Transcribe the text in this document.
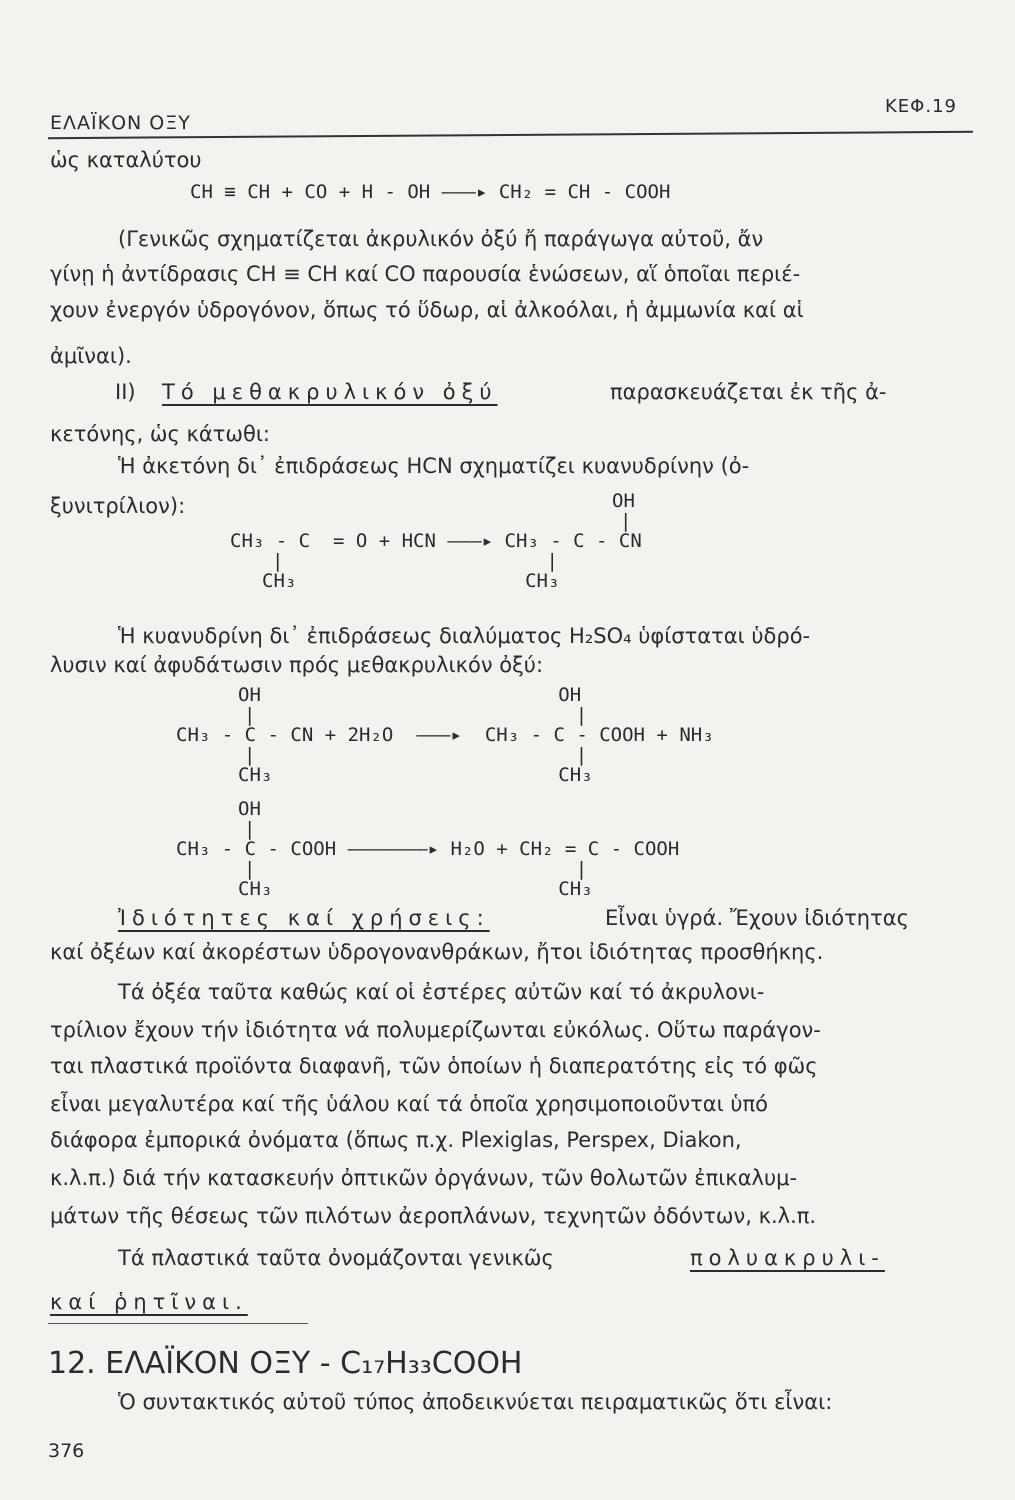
ΕΛΑΪΚΟΝ ΟΞΥ
ΚΕΦ.19
ὡς καταλύτου
CH ≡ CH + CO + H - OH ———▸ CH₂ = CH - COOH
(Γενικῶς σχηματίζεται ἀκρυλικόν ὀξύ ἤ παράγωγα αὐτοῦ, ἄν
γίνῃ ἡ ἀντίδρασις CH ≡ CH καί CO παρουσία ἑνώσεων, αἵ ὁποῖαι περιέ-
χουν ἐνεργόν ὑδρογόνον, ὅπως τό ὕδωρ, αἱ ἀλκοόλαι, ἡ ἀμμωνία καί αἱ
ἀμῖναι).
II) Τό μεθακρυλικόν ὀξύ	παρασκευάζεται ἐκ τῆς ἀ-
κετόνης, ὡς κάτωθι:
Ἡ ἀκετόνη δι᾿ ἐπιδράσεως HCN σχηματίζει κυανυδρίνην (ὀ-
ξυνιτρίλιον):	OH
|
CH₃ - C  = O + HCN ———▸ CH₃ - C - CN
|                       |
CH₃                    CH₃
Ἡ κυανυδρίνη δι᾿ ἐπιδράσεως διαλύματος H₂SO₄ ὑφίσταται ὑδρό-
λυσιν καί ἀφυδάτωσιν πρός μεθακρυλικόν ὀξύ:
OH                          OH
|                            |
CH₃ - C - CN + 2H₂O  ———▸  CH₃ - C - COOH + NH₃
|                            |
CH₃                         CH₃
OH
|
CH₃ - C - COOH ———————▸ H₂O + CH₂ = C - COOH
|                            |
CH₃                         CH₃
Ἰδιότητες καί χρήσεις:	Εἶναι ὑγρά. Ἔχουν ἰδιότητας
καί ὀξέων καί ἀκορέστων ὑδρογονανθράκων, ἤτοι ἰδιότητας προσθήκης.
Τά ὀξέα ταῦτα καθώς καί οἱ ἐστέρες αὐτῶν καί τό ἀκρυλονι-
τρίλιον ἔχουν τήν ἰδιότητα νά πολυμερίζωνται εὐκόλως. Οὕτω παράγον-
ται πλαστικά προϊόντα διαφανῆ, τῶν ὁποίων ἡ διαπερατότης εἰς τό φῶς
εἶναι μεγαλυτέρα καί τῆς ὑάλου καί τά ὁποῖα χρησιμοποιοῦνται ὑπό
διάφορα ἐμπορικά ὀνόματα (ὅπως π.χ. Plexiglas, Perspex, Diakon,
κ.λ.π.) διά τήν κατασκευήν ὀπτικῶν ὀργάνων, τῶν θολωτῶν ἐπικαλυμ-
μάτων τῆς θέσεως τῶν πιλότων ἀεροπλάνων, τεχνητῶν ὀδόντων, κ.λ.π.
Τά πλαστικά ταῦτα ὀνομάζονται γενικῶς	πολυακρυλι-
καί ῥητῖναι.
12. ΕΛΑΪΚΟΝ ΟΞΥ - C₁₇H₃₃COOH
Ὁ συντακτικός αὐτοῦ τύπος ἀποδεικνύεται πειραματικῶς ὅτι εἶναι:
376
